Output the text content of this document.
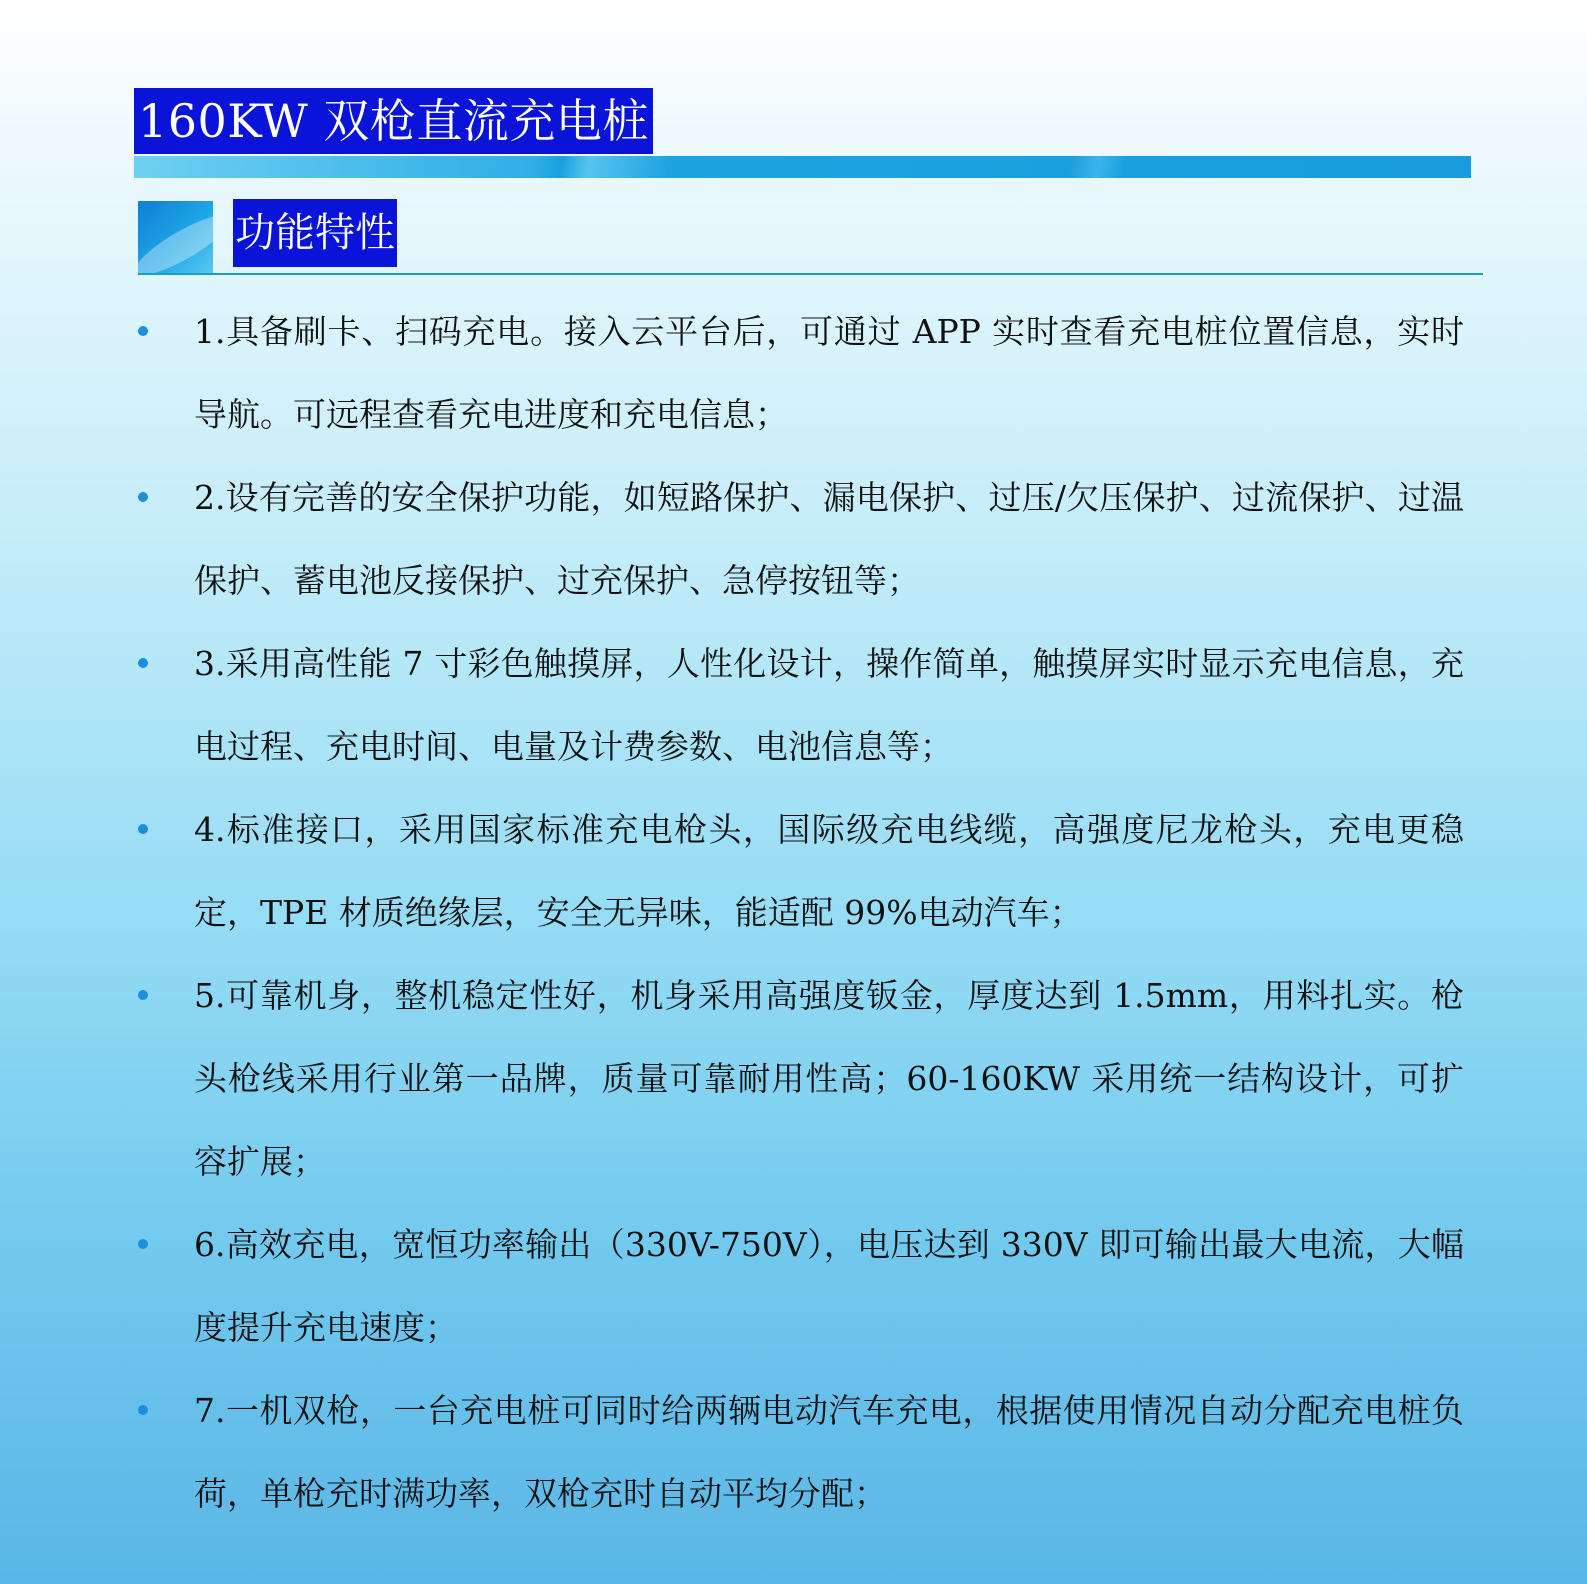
160KW 双枪直流充电桩
功能特性
1.具备刷卡、扫码充电。接入云平台后，可通过 APP 实时查看充电桩位置信息，实时导航。可远程查看充电进度和充电信息；
2.设有完善的安全保护功能，如短路保护、漏电保护、过压/欠压保护、过流保护、过温保护、蓄电池反接保护、过充保护、急停按钮等；
3.采用高性能 7 寸彩色触摸屏，人性化设计，操作简单，触摸屏实时显示充电信息，充电过程、充电时间、电量及计费参数、电池信息等；
4.标准接口，采用国家标准充电枪头，国际级充电线缆，高强度尼龙枪头，充电更稳定，TPE 材质绝缘层，安全无异味，能适配 99%电动汽车；
5.可靠机身，整机稳定性好，机身采用高强度钣金，厚度达到 1.5mm，用料扎实。枪头枪线采用行业第一品牌，质量可靠耐用性高；60-160KW 采用统一结构设计，可扩容扩展；
6.高效充电，宽恒功率输出（330V-750V），电压达到 330V 即可输出最大电流，大幅度提升充电速度；
7.一机双枪，一台充电桩可同时给两辆电动汽车充电，根据使用情况自动分配充电桩负荷，单枪充时满功率，双枪充时自动平均分配；
